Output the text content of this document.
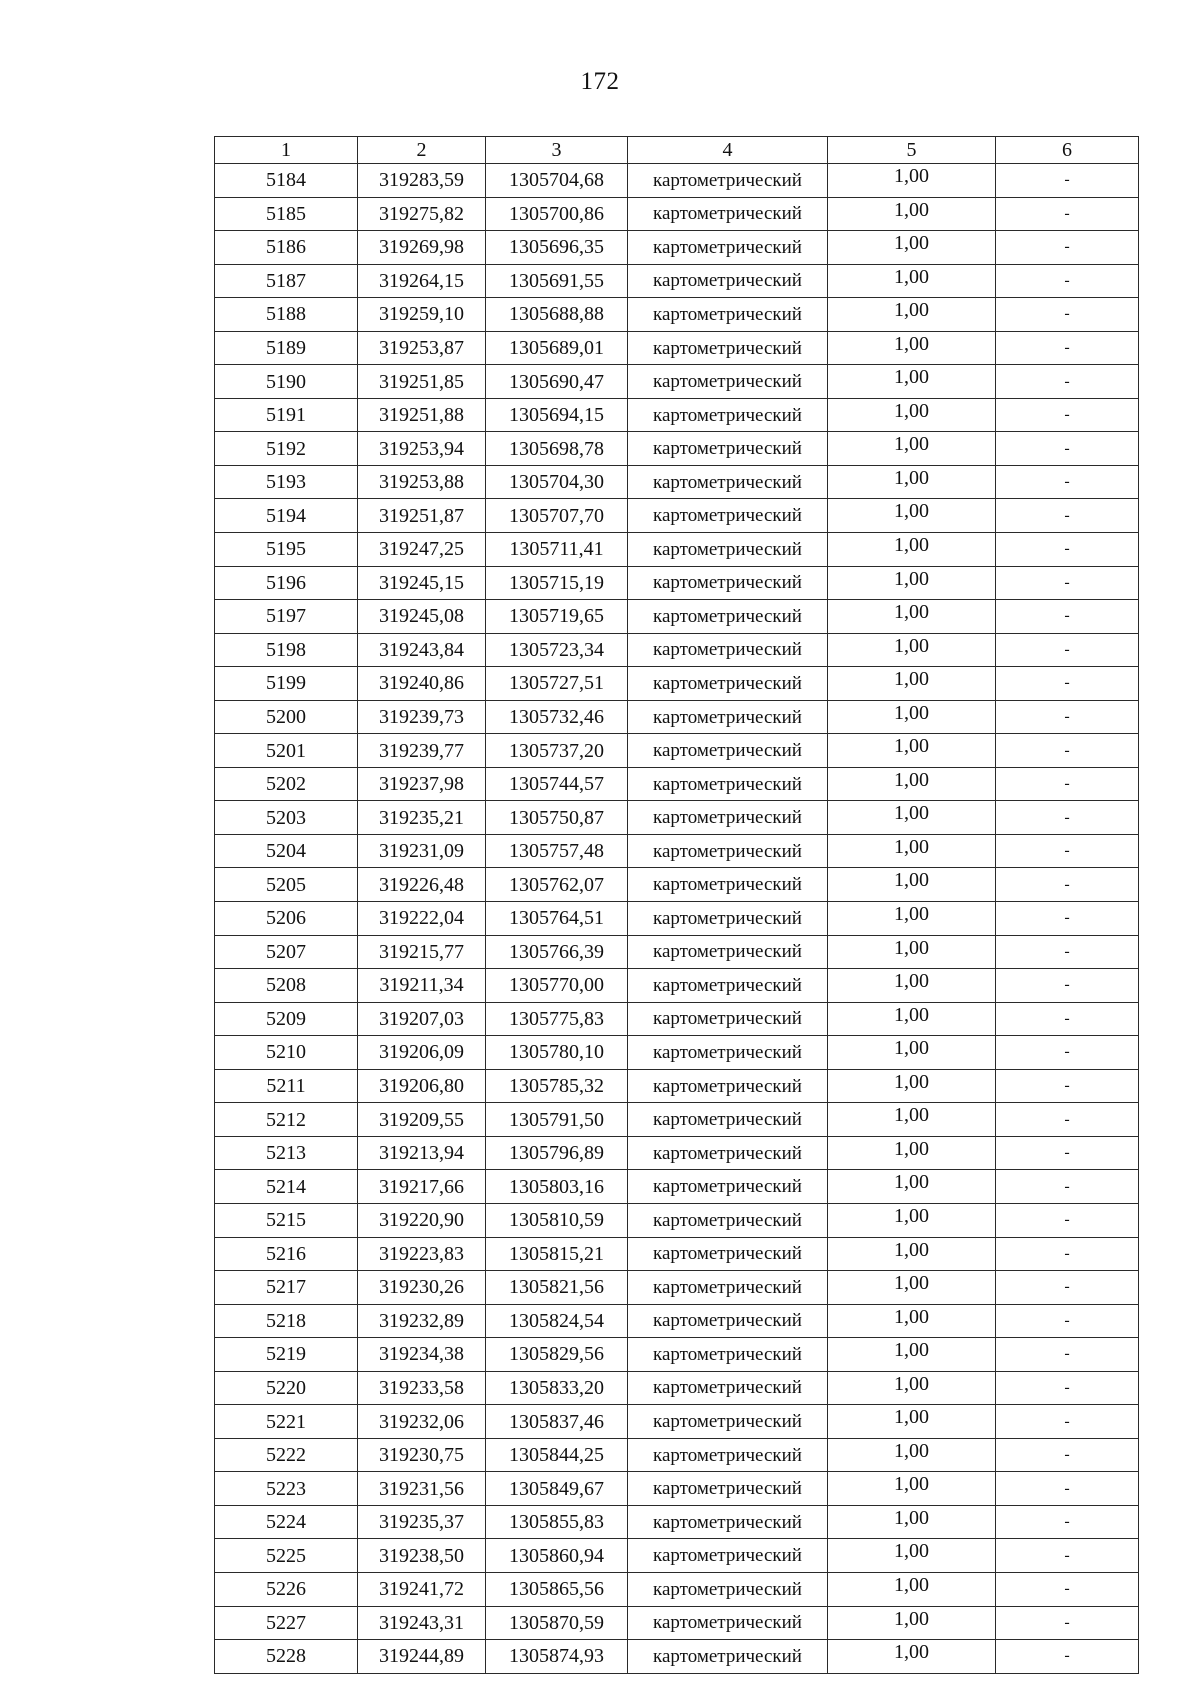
172
1	2	3	4	5	6
5184	319283,59	1305704,68	картометрический	1,00	-
5185	319275,82	1305700,86	картометрический	1,00	-
5186	319269,98	1305696,35	картометрический	1,00	-
5187	319264,15	1305691,55	картометрический	1,00	-
5188	319259,10	1305688,88	картометрический	1,00	-
5189	319253,87	1305689,01	картометрический	1,00	-
5190	319251,85	1305690,47	картометрический	1,00	-
5191	319251,88	1305694,15	картометрический	1,00	-
5192	319253,94	1305698,78	картометрический	1,00	-
5193	319253,88	1305704,30	картометрический	1,00	-
5194	319251,87	1305707,70	картометрический	1,00	-
5195	319247,25	1305711,41	картометрический	1,00	-
5196	319245,15	1305715,19	картометрический	1,00	-
5197	319245,08	1305719,65	картометрический	1,00	-
5198	319243,84	1305723,34	картометрический	1,00	-
5199	319240,86	1305727,51	картометрический	1,00	-
5200	319239,73	1305732,46	картометрический	1,00	-
5201	319239,77	1305737,20	картометрический	1,00	-
5202	319237,98	1305744,57	картометрический	1,00	-
5203	319235,21	1305750,87	картометрический	1,00	-
5204	319231,09	1305757,48	картометрический	1,00	-
5205	319226,48	1305762,07	картометрический	1,00	-
5206	319222,04	1305764,51	картометрический	1,00	-
5207	319215,77	1305766,39	картометрический	1,00	-
5208	319211,34	1305770,00	картометрический	1,00	-
5209	319207,03	1305775,83	картометрический	1,00	-
5210	319206,09	1305780,10	картометрический	1,00	-
5211	319206,80	1305785,32	картометрический	1,00	-
5212	319209,55	1305791,50	картометрический	1,00	-
5213	319213,94	1305796,89	картометрический	1,00	-
5214	319217,66	1305803,16	картометрический	1,00	-
5215	319220,90	1305810,59	картометрический	1,00	-
5216	319223,83	1305815,21	картометрический	1,00	-
5217	319230,26	1305821,56	картометрический	1,00	-
5218	319232,89	1305824,54	картометрический	1,00	-
5219	319234,38	1305829,56	картометрический	1,00	-
5220	319233,58	1305833,20	картометрический	1,00	-
5221	319232,06	1305837,46	картометрический	1,00	-
5222	319230,75	1305844,25	картометрический	1,00	-
5223	319231,56	1305849,67	картометрический	1,00	-
5224	319235,37	1305855,83	картометрический	1,00	-
5225	319238,50	1305860,94	картометрический	1,00	-
5226	319241,72	1305865,56	картометрический	1,00	-
5227	319243,31	1305870,59	картометрический	1,00	-
5228	319244,89	1305874,93	картометрический	1,00	-
